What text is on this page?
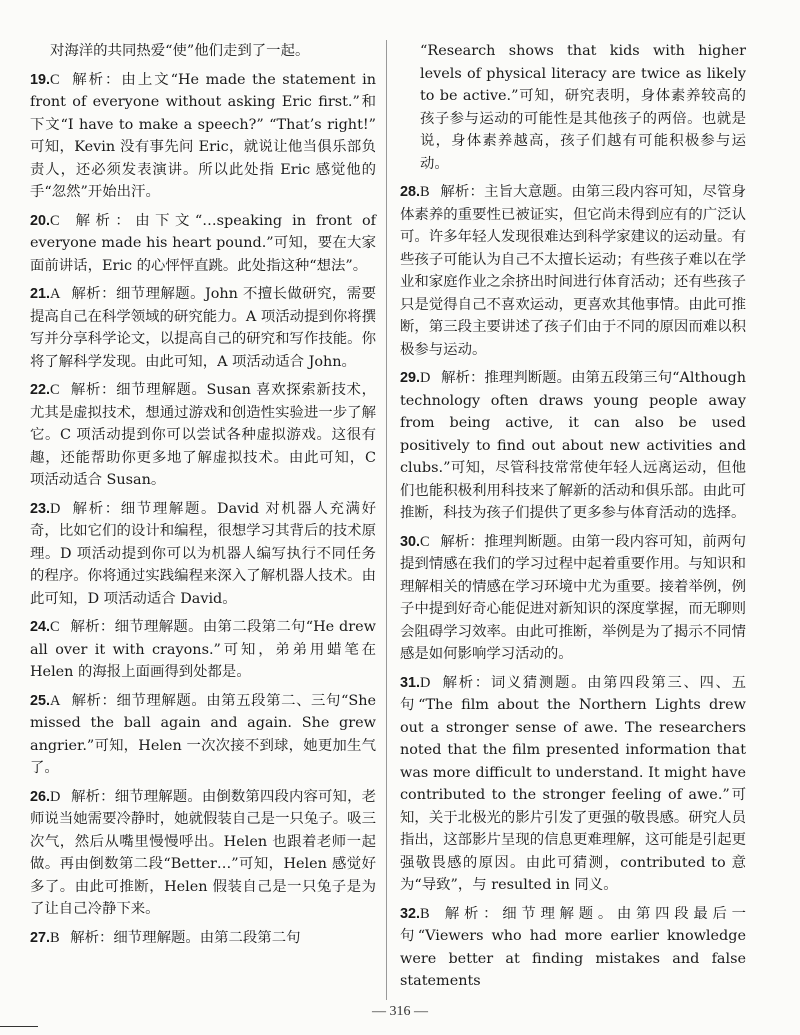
对海洋的共同热爱“使”他们走到了一起。

19.C 解析：由上文“He made the statement in front of everyone without asking Eric first.”和下文“I have to make a speech?” “That’s right!” 可知，Kevin 没有事先问 Eric，就说让他当俱乐部负责人，还必须发表演讲。所以此处指 Eric 感觉他的手“忽然”开始出汗。

20.C 解析：由下文“…speaking in front of everyone made his heart pound.”可知，要在大家面前讲话，Eric 的心怦怦直跳。此处指这种“想法”。

21.A 解析：细节理解题。John 不擅长做研究，需要提高自己在科学领域的研究能力。A 项活动提到你将撰写并分享科学论文，以提高自己的研究和写作技能。你将了解科学发现。由此可知，A 项活动适合 John。

22.C 解析：细节理解题。Susan 喜欢探索新技术，尤其是虚拟技术，想通过游戏和创造性实验进一步了解它。C 项活动提到你可以尝试各种虚拟游戏。这很有趣，还能帮助你更多地了解虚拟技术。由此可知，C 项活动适合 Susan。

23.D 解析：细节理解题。David 对机器人充满好奇，比如它们的设计和编程，很想学习其背后的技术原理。D 项活动提到你可以为机器人编写执行不同任务的程序。你将通过实践编程来深入了解机器人技术。由此可知，D 项活动适合 David。

24.C 解析：细节理解题。由第二段第二句“He drew all over it with crayons.”可知，弟弟用蜡笔在 Helen 的海报上面画得到处都是。

25.A 解析：细节理解题。由第五段第二、三句“She missed the ball again and again. She grew angrier.”可知，Helen 一次次接不到球，她更加生气了。

26.D 解析：细节理解题。由倒数第四段内容可知，老师说当她需要冷静时，她就假装自己是一只兔子。吸三次气，然后从嘴里慢慢呼出。Helen 也跟着老师一起做。再由倒数第二段“Better…”可知，Helen 感觉好多了。由此可推断，Helen 假装自己是一只兔子是为了让自己冷静下来。

27.B 解析：细节理解题。由第二段第二句

“Research shows that kids with higher levels of physical literacy are twice as likely to be active.”可知，研究表明，身体素养较高的孩子参与运动的可能性是其他孩子的两倍。也就是说，身体素养越高，孩子们越有可能积极参与运动。

28.B 解析：主旨大意题。由第三段内容可知，尽管身体素养的重要性已被证实，但它尚未得到应有的广泛认可。许多年轻人发现很难达到科学家建议的运动量。有些孩子可能认为自己不太擅长运动；有些孩子难以在学业和家庭作业之余挤出时间进行体育活动；还有些孩子只是觉得自己不喜欢运动，更喜欢其他事情。由此可推断，第三段主要讲述了孩子们由于不同的原因而难以积极参与运动。

29.D 解析：推理判断题。由第五段第三句“Although technology often draws young people away from being active, it can also be used positively to find out about new activities and clubs.”可知，尽管科技常常使年轻人远离运动，但他们也能积极利用科技来了解新的活动和俱乐部。由此可推断，科技为孩子们提供了更多参与体育活动的选择。

30.C 解析：推理判断题。由第一段内容可知，前两句提到情感在我们的学习过程中起着重要作用。与知识和理解相关的情感在学习环境中尤为重要。接着举例，例子中提到好奇心能促进对新知识的深度掌握，而无聊则会阻碍学习效率。由此可推断，举例是为了揭示不同情感是如何影响学习活动的。

31.D 解析：词义猜测题。由第四段第三、四、五句“The film about the Northern Lights drew out a stronger sense of awe. The researchers noted that the film presented information that was more difficult to understand. It might have contributed to the stronger feeling of awe.”可知，关于北极光的影片引发了更强的敬畏感。研究人员指出，这部影片呈现的信息更难理解，这可能是引起更强敬畏感的原因。由此可猜测，contributed to 意为“导致”，与 resulted in 同义。

32.B 解析：细节理解题。由第四段最后一句“Viewers who had more earlier knowledge were better at finding mistakes and false statements

— 316 —
